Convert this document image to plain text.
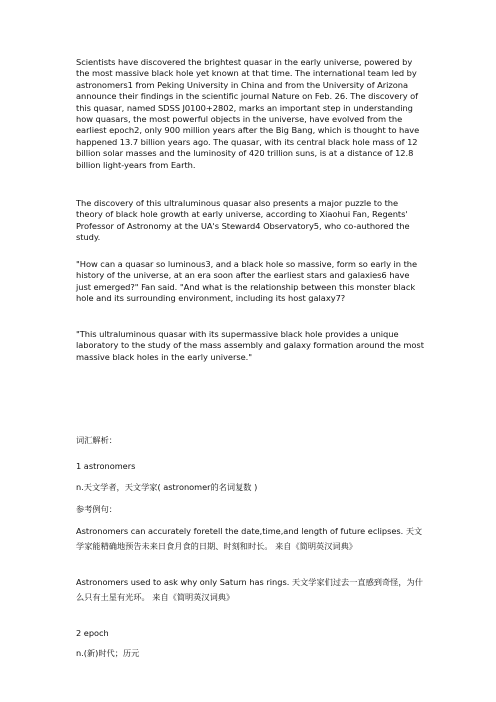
Scientists have discovered the brightest quasar in the early universe, powered by the most massive black hole yet known at that time. The international team led by astronomers1 from Peking University in China and from the University of Arizona announce their findings in the scientific journal Nature on Feb. 26. The discovery of this quasar, named SDSS J0100+2802, marks an important step in understanding how quasars, the most powerful objects in the universe, have evolved from the earliest epoch2, only 900 million years after the Big Bang, which is thought to have happened 13.7 billion years ago. The quasar, with its central black hole mass of 12 billion solar masses and the luminosity of 420 trillion suns, is at a distance of 12.8 billion light-years from Earth.

The discovery of this ultraluminous quasar also presents a major puzzle to the theory of black hole growth at early universe, according to Xiaohui Fan, Regents' Professor of Astronomy at the UA's Steward4 Observatory5, who co-authored the study.

"How can a quasar so luminous3, and a black hole so massive, form so early in the history of the universe, at an era soon after the earliest stars and galaxies6 have just emerged?" Fan said. "And what is the relationship between this monster black hole and its surrounding environment, including its host galaxy7?

"This ultraluminous quasar with its supermassive black hole provides a unique laboratory to the study of the mass assembly and galaxy formation around the most massive black holes in the early universe."

词汇解析：

1 astronomers

n.天文学者，天文学家( astronomer的名词复数 )

参考例句：

Astronomers can accurately foretell the date,time,and length of future eclipses. 天文学家能精确地预告未来日食月食的日期、时刻和时长。 来自《简明英汉词典》

Astronomers used to ask why only Saturn has rings. 天文学家们过去一直感到奇怪，为什么只有土星有光环。 来自《简明英汉词典》

2 epoch

n.(新)时代；历元
